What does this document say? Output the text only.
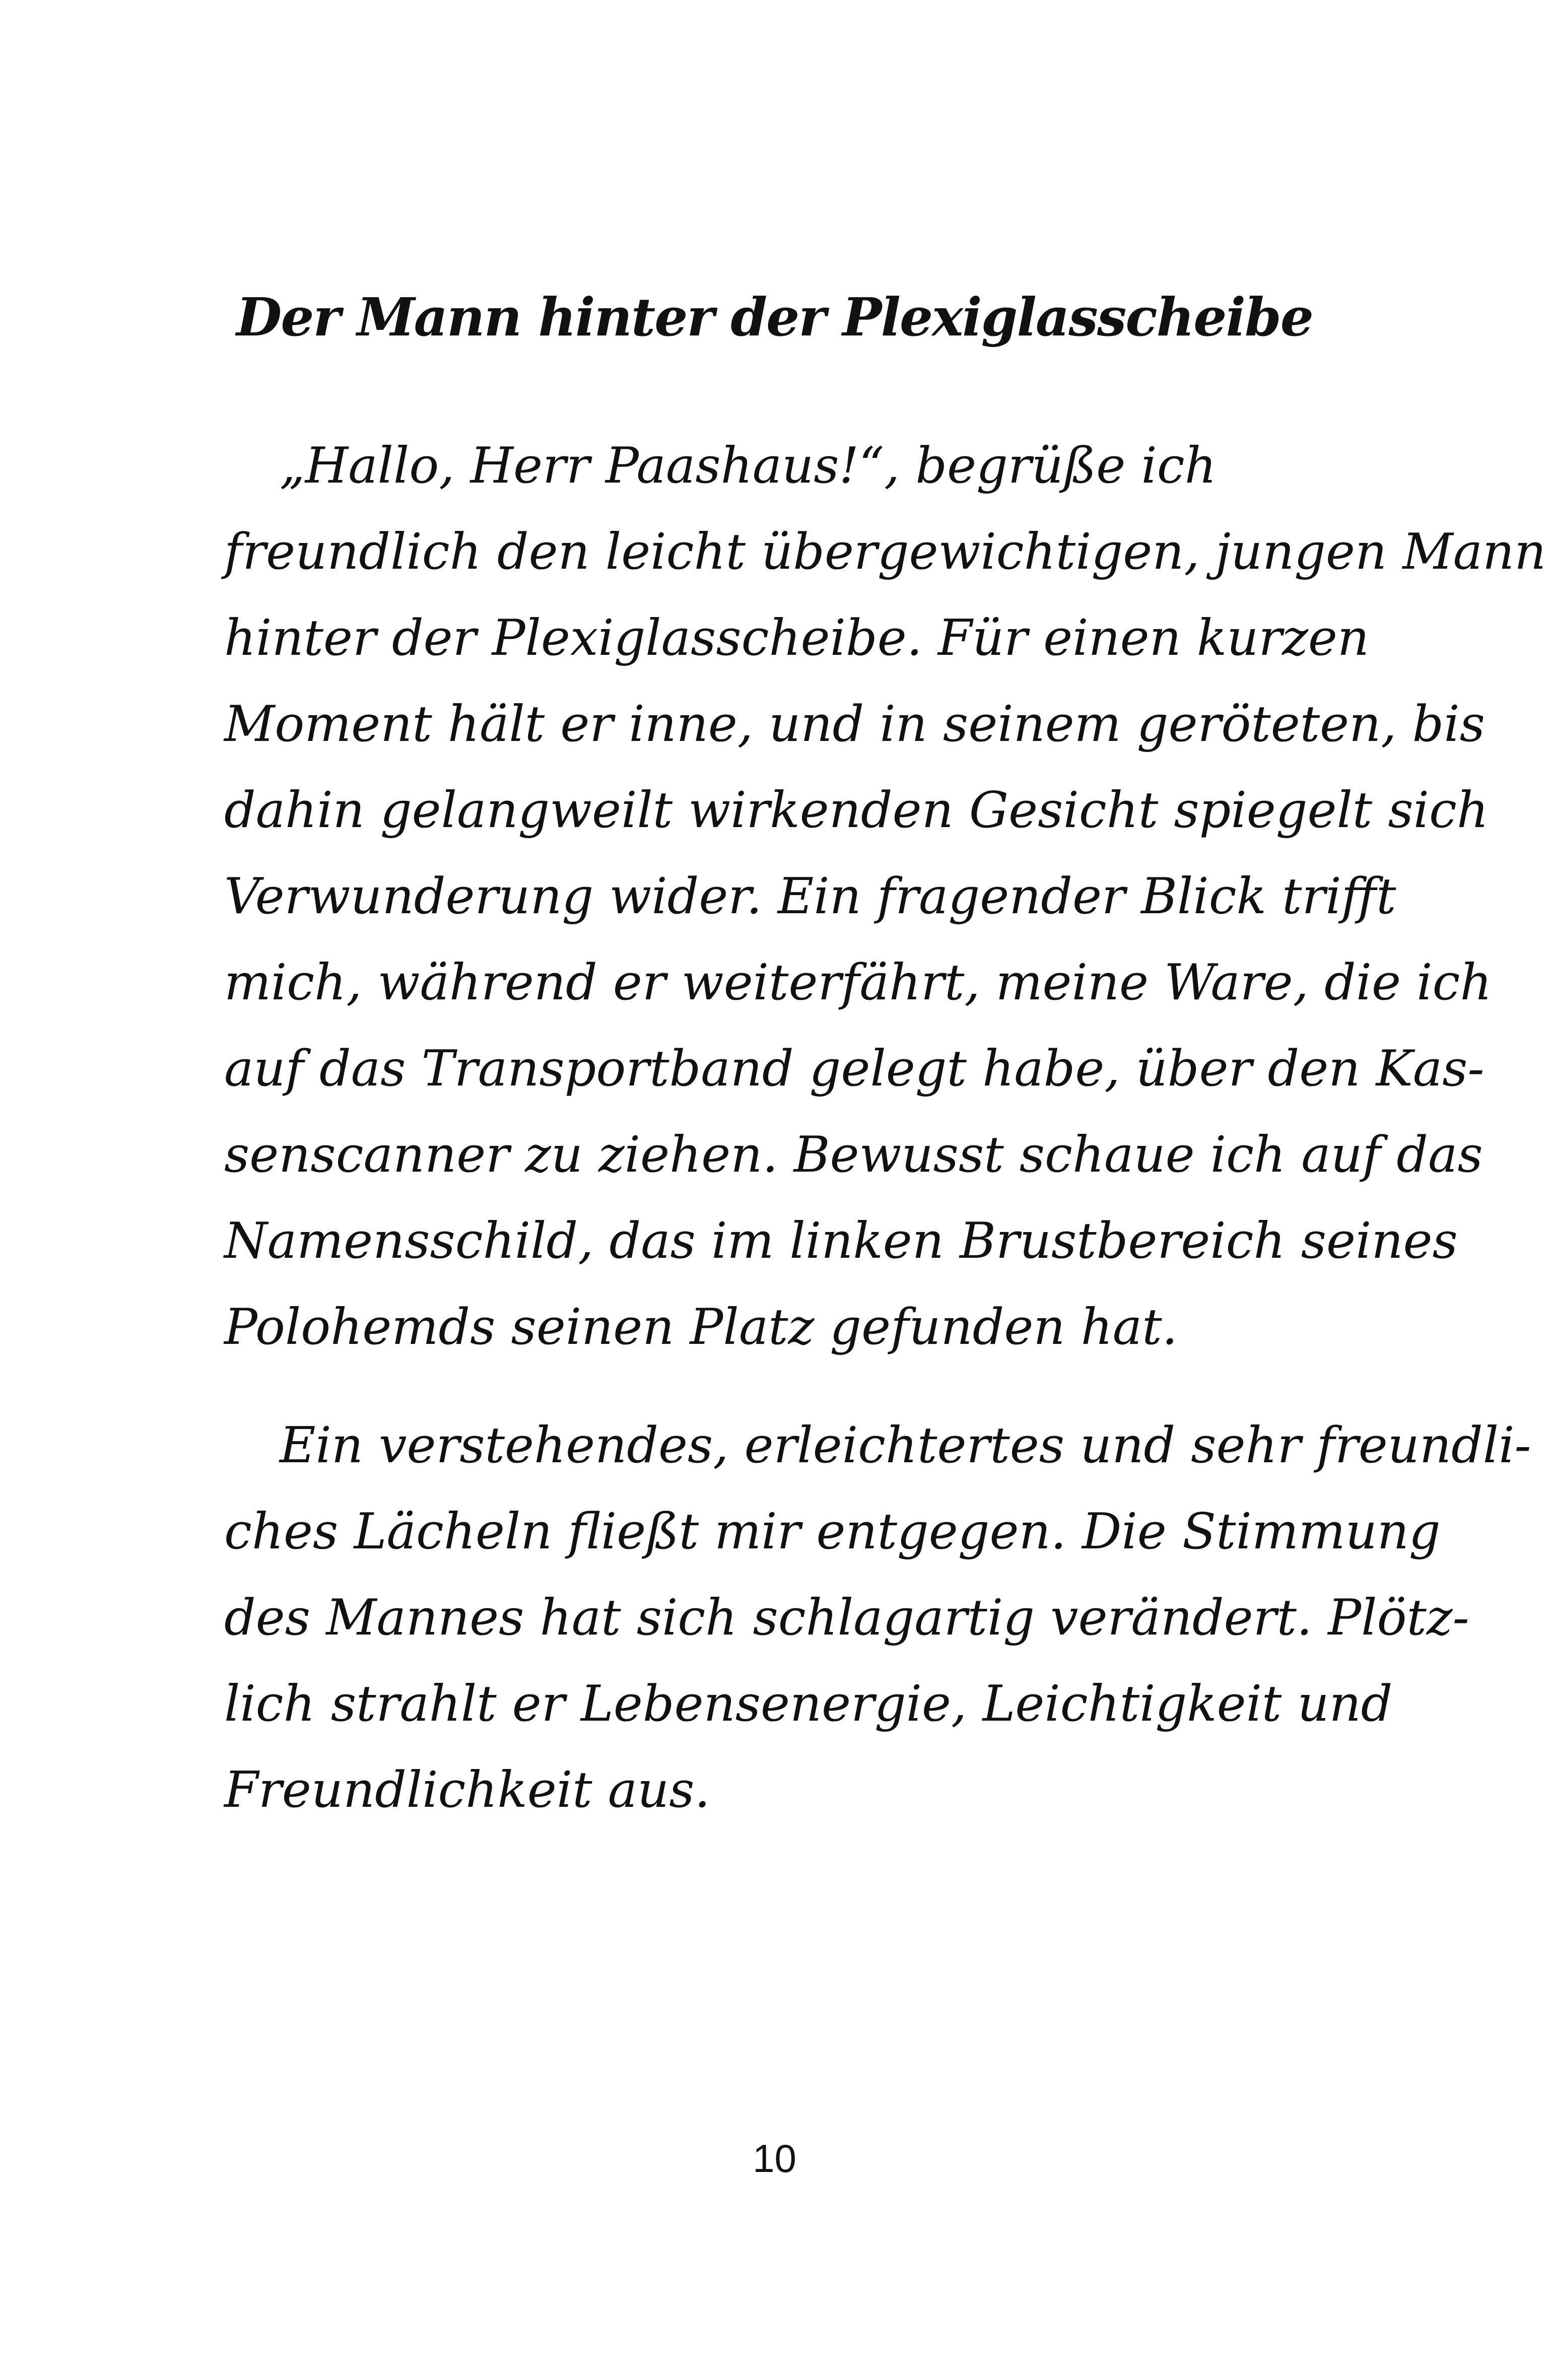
Der Mann hinter der Plexiglasscheibe

„Hallo, Herr Paashaus!“, begrüße ich
freundlich den leicht übergewichtigen, jungen Mann
hinter der Plexiglasscheibe. Für einen kurzen
Moment hält er inne, und in seinem geröteten, bis
dahin gelangweilt wirkenden Gesicht spiegelt sich
Verwunderung wider. Ein fragender Blick trifft
mich, während er weiterfährt, meine Ware, die ich
auf das Transportband gelegt habe, über den Kas-
senscanner zu ziehen. Bewusst schaue ich auf das
Namensschild, das im linken Brustbereich seines
Polohemds seinen Platz gefunden hat.

Ein verstehendes, erleichtertes und sehr freundli-
ches Lächeln fließt mir entgegen. Die Stimmung
des Mannes hat sich schlagartig verändert. Plötz-
lich strahlt er Lebensenergie, Leichtigkeit und
Freundlichkeit aus.

10
